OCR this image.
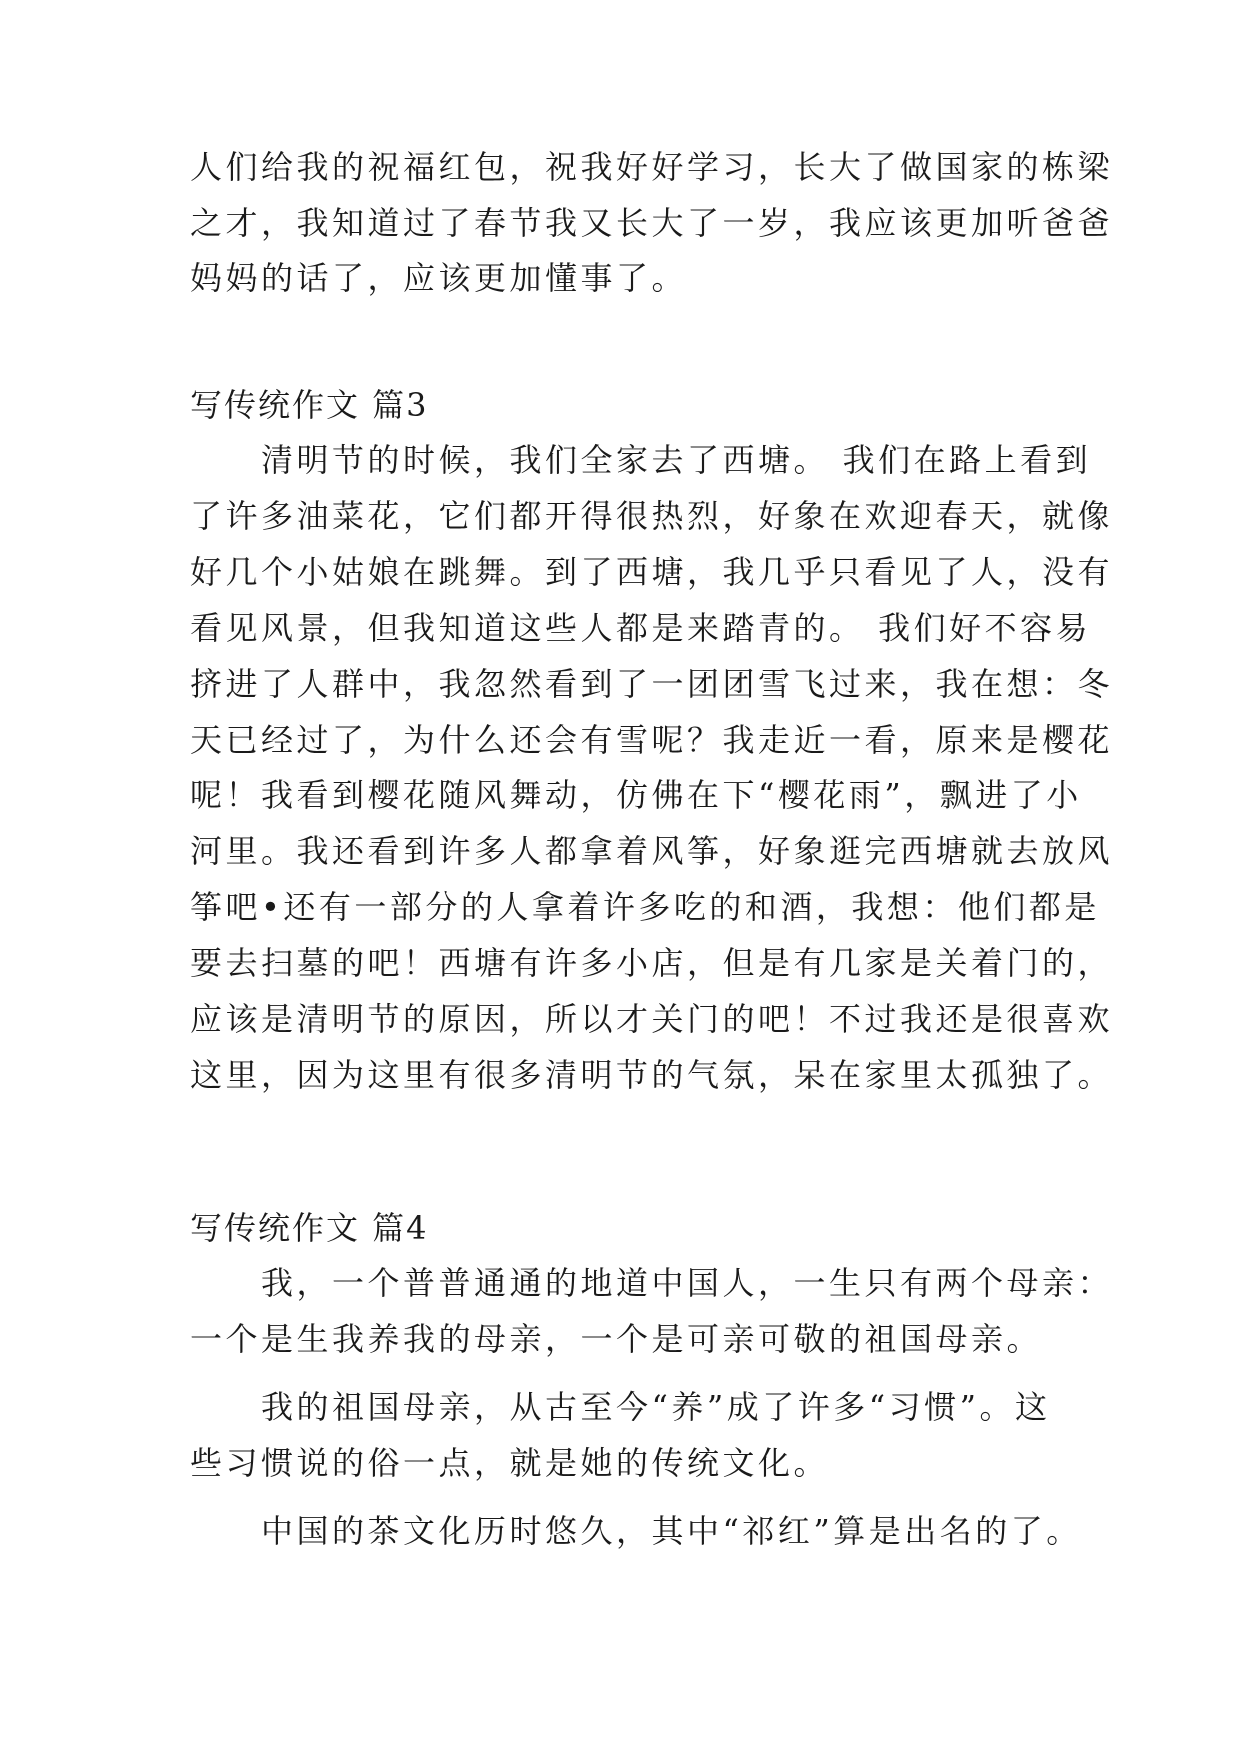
人们给我的祝福红包，祝我好好学习，长大了做国家的栋梁
之才，我知道过了春节我又长大了一岁，我应该更加听爸爸
妈妈的话了，应该更加懂事了。
写传统作文 篇3
　　清明节的时候，我们全家去了西塘。 我们在路上看到
了许多油菜花，它们都开得很热烈，好象在欢迎春天，就像
好几个小姑娘在跳舞。到了西塘，我几乎只看见了人，没有
看见风景，但我知道这些人都是来踏青的。 我们好不容易
挤进了人群中，我忽然看到了一团团雪飞过来，我在想：冬
天已经过了，为什么还会有雪呢？我走近一看，原来是樱花
呢！我看到樱花随风舞动，仿佛在下“樱花雨”，飘进了小
河里。我还看到许多人都拿着风筝，好象逛完西塘就去放风
筝吧•还有一部分的人拿着许多吃的和酒，我想：他们都是
要去扫墓的吧！西塘有许多小店，但是有几家是关着门的，
应该是清明节的原因，所以才关门的吧！不过我还是很喜欢
这里，因为这里有很多清明节的气氛，呆在家里太孤独了。
写传统作文 篇4
　　我，一个普普通通的地道中国人，一生只有两个母亲：
一个是生我养我的母亲，一个是可亲可敬的祖国母亲。
　　我的祖国母亲，从古至今“养”成了许多“习惯”。这
些习惯说的俗一点，就是她的传统文化。
　　中国的茶文化历时悠久，其中“祁红”算是出名的了。
